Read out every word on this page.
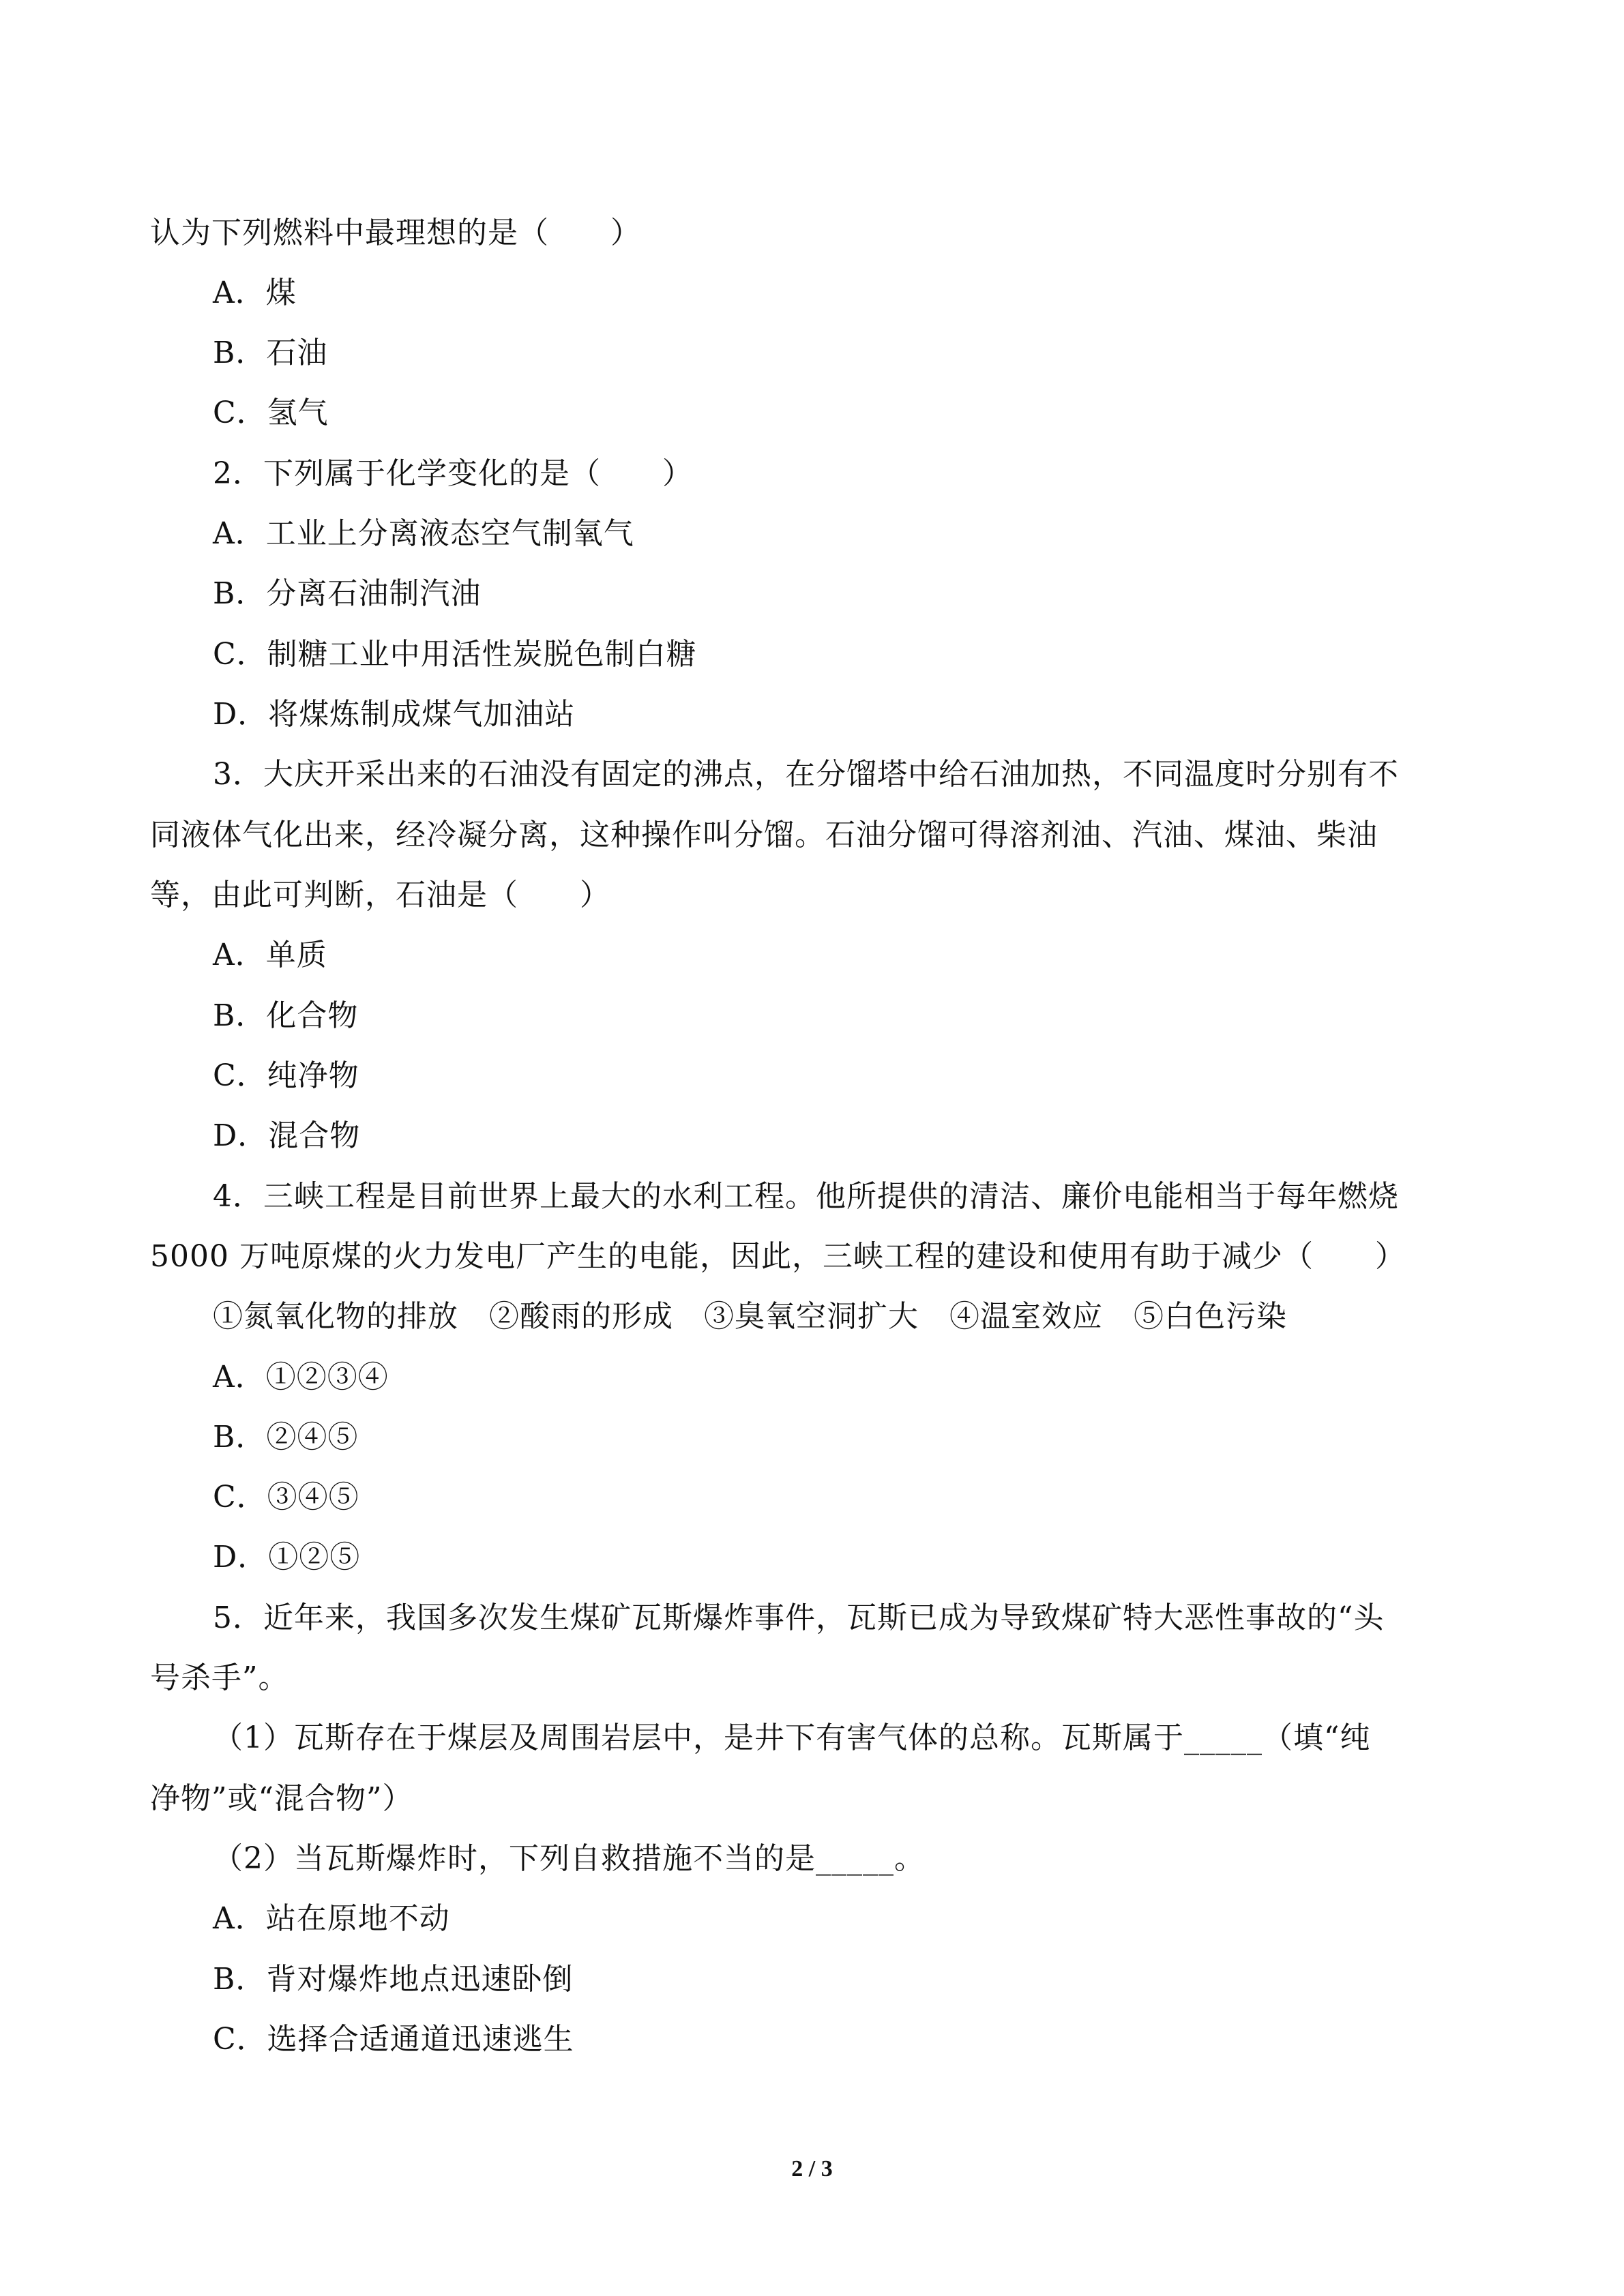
认为下列燃料中最理想的是（　　）
A．煤
B．石油
C．氢气
2．下列属于化学变化的是（　　）
A．工业上分离液态空气制氧气
B．分离石油制汽油
C．制糖工业中用活性炭脱色制白糖
D．将煤炼制成煤气加油站
3．大庆开采出来的石油没有固定的沸点，在分馏塔中给石油加热，不同温度时分别有不
同液体气化出来，经冷凝分离，这种操作叫分馏。石油分馏可得溶剂油、汽油、煤油、柴油
等，由此可判断，石油是（　　）
A．单质
B．化合物
C．纯净物
D．混合物
4．三峡工程是目前世界上最大的水利工程。他所提供的清洁、廉价电能相当于每年燃烧
5000 万吨原煤的火力发电厂产生的电能，因此，三峡工程的建设和使用有助于减少（　　）
①氮氧化物的排放　②酸雨的形成　③臭氧空洞扩大　④温室效应　⑤白色污染
A．①②③④
B．②④⑤
C．③④⑤
D．①②⑤
5．近年来，我国多次发生煤矿瓦斯爆炸事件，瓦斯已成为导致煤矿特大恶性事故的“头
号杀手”。
（1）瓦斯存在于煤层及周围岩层中，是井下有害气体的总称。瓦斯属于_____（填“纯
净物”或“混合物”）
（2）当瓦斯爆炸时，下列自救措施不当的是_____。
A．站在原地不动
B．背对爆炸地点迅速卧倒
C．选择合适通道迅速逃生
2 / 3
